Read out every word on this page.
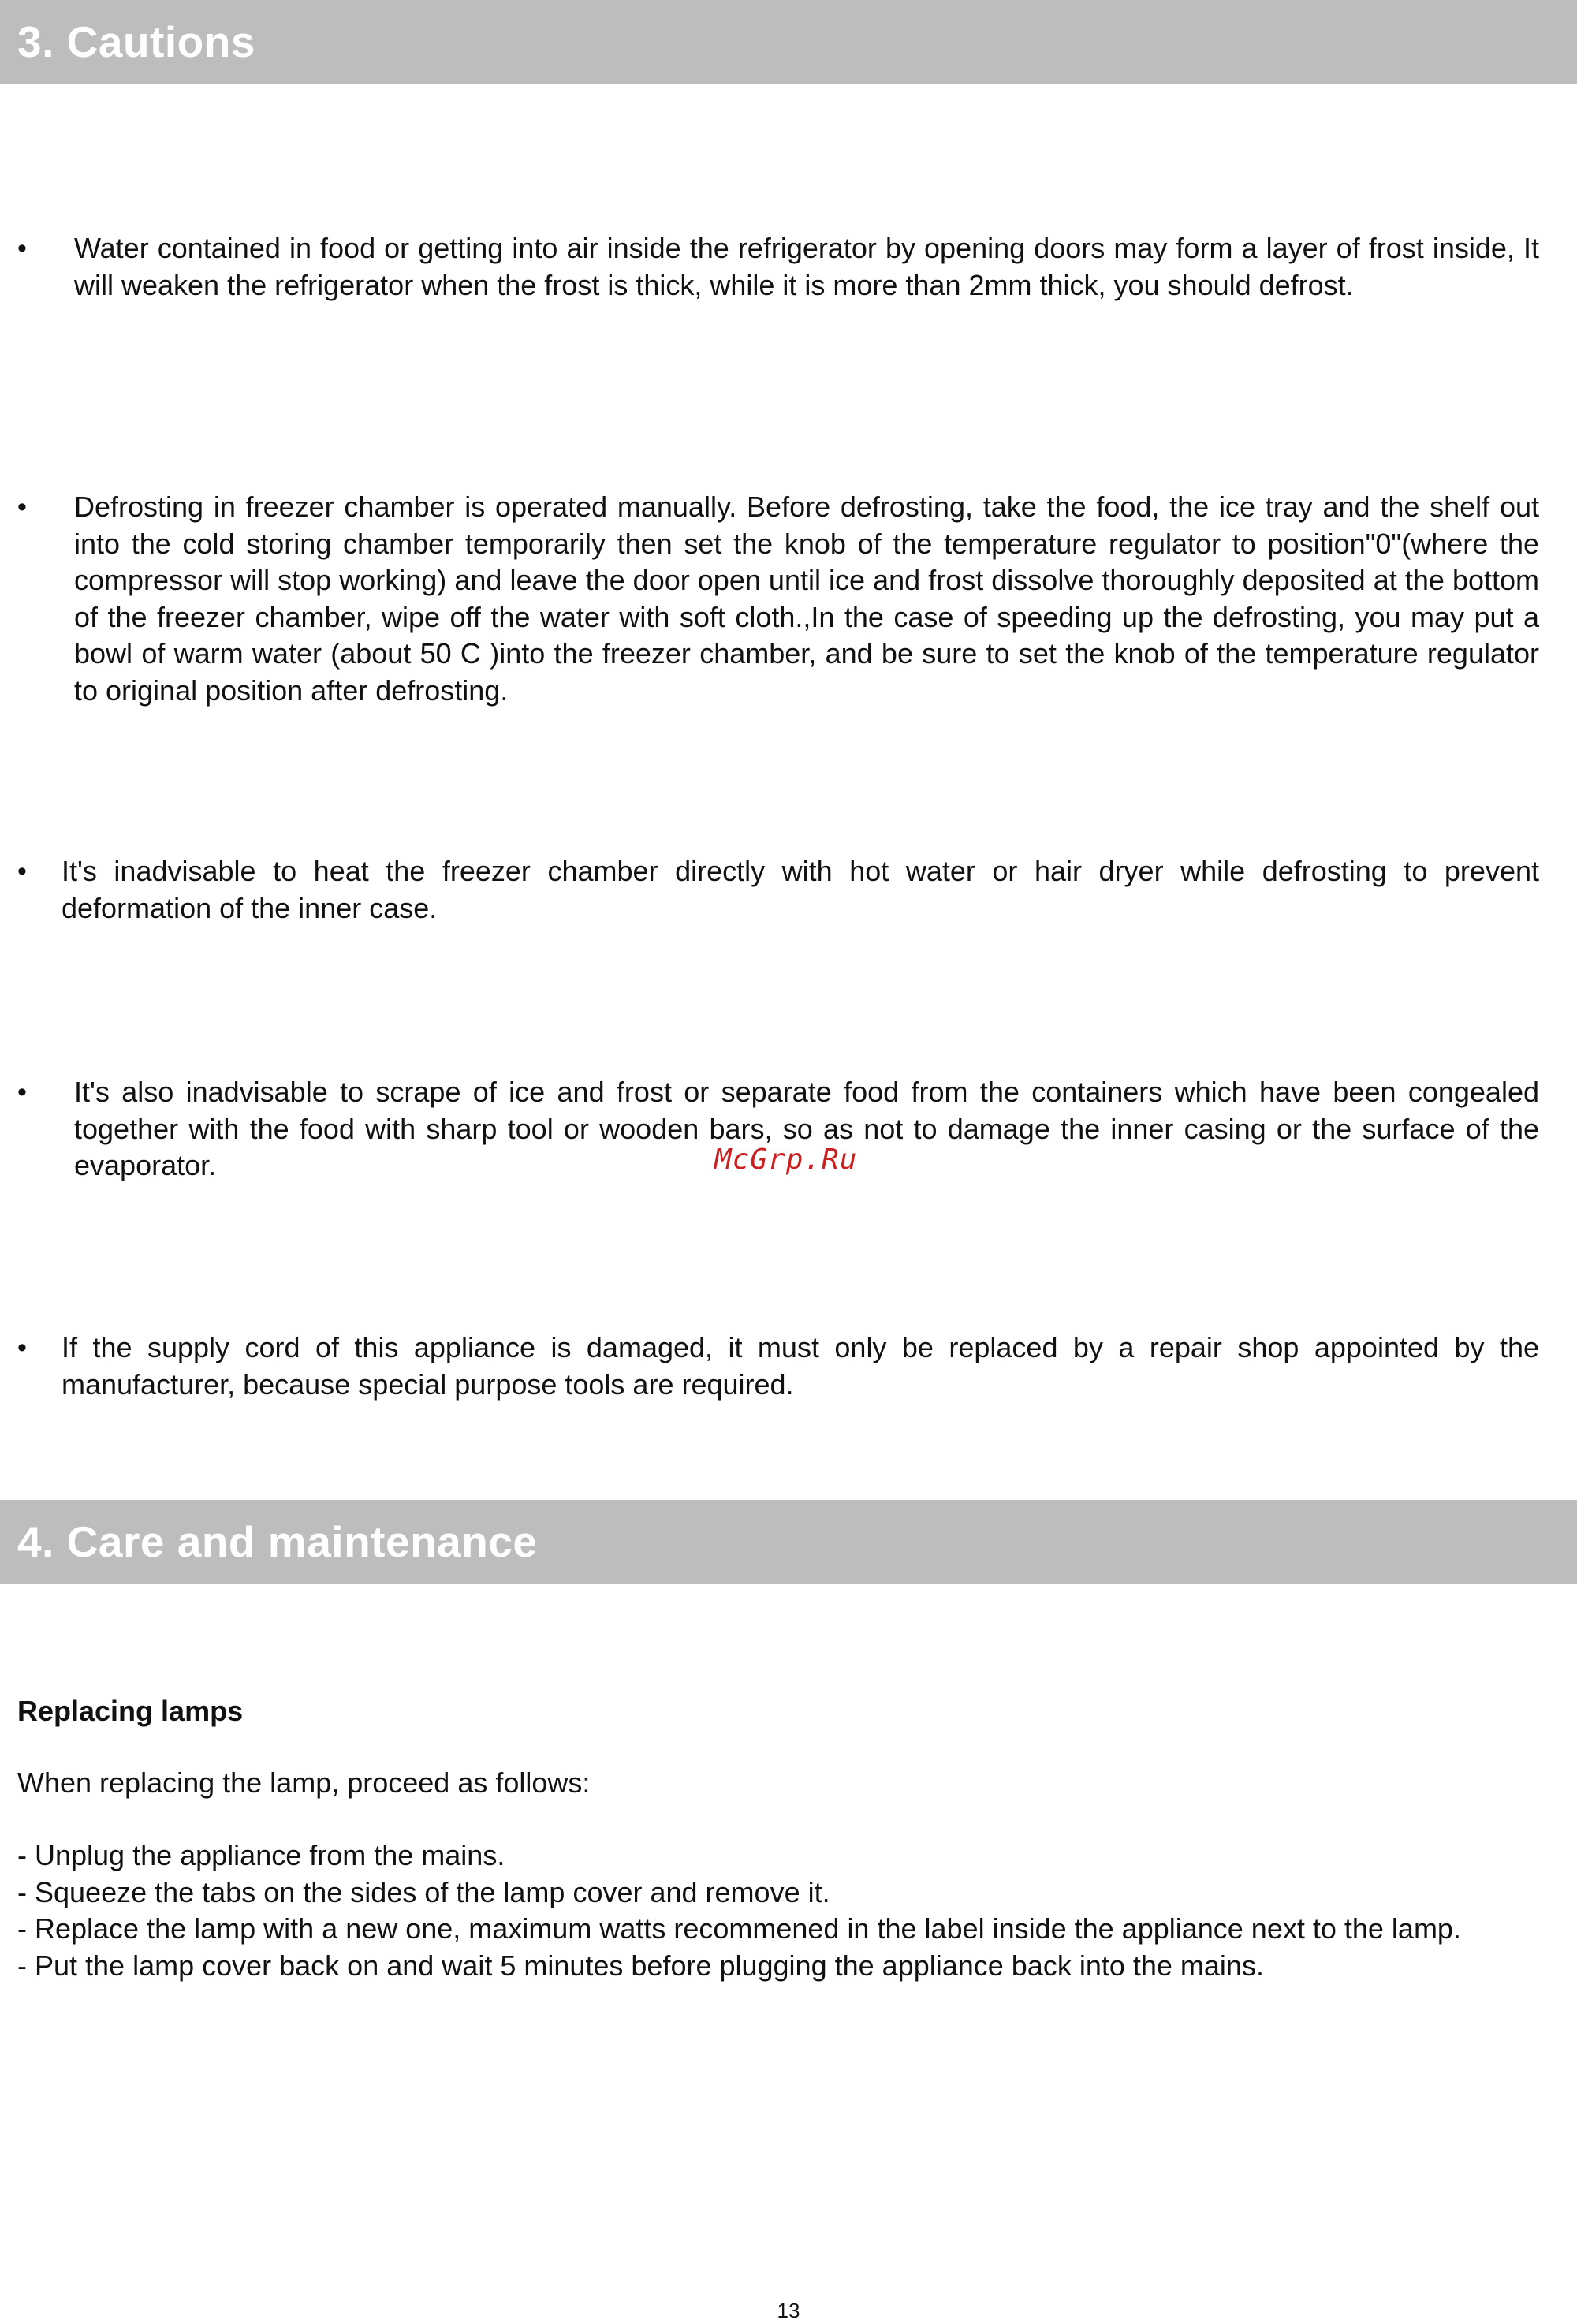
3. Cautions
•	Water contained in food or getting into air inside the refrigerator by opening doors may form a layer of frost inside, It will weaken the refrigerator when the frost is thick, while it is more than 2mm thick, you should defrost.
•	Defrosting in freezer chamber is operated manually. Before defrosting, take the food, the ice tray and the shelf out into the cold storing chamber temporarily then set the knob of the temperature regulator to position"0"(where the compressor will stop working) and leave the door open until ice and frost dissolve thoroughly deposited at the bottom of the freezer chamber, wipe off the water with soft cloth.,In the case of speeding up the defrosting, you may put a bowl of warm water (about 50 C )into the freezer chamber, and be sure to set the knob of the temperature regulator to original position after defrosting.
•	It's inadvisable to heat the freezer chamber directly with hot water or hair dryer while defrosting to prevent deformation of the inner case.
•	It's also inadvisable to scrape of ice and frost or separate food from the containers which have been congealed together with the food with sharp tool or wooden bars, so as not to damage the inner casing or the surface of the evaporator.	McGrp.Ru
•	If the supply cord of this appliance is damaged, it must only be replaced by a repair shop appointed by the manufacturer, because special purpose tools are required.
4. Care and maintenance
Replacing lamps
When replacing the lamp, proceed as follows:
- Unplug the appliance from the mains.
- Squeeze the tabs on the sides of the lamp cover and remove it.
- Replace the lamp with a new one, maximum watts recommened in the label inside the appliance next to the lamp.
- Put the lamp cover back on and wait 5 minutes before plugging the appliance back into the mains.
13
